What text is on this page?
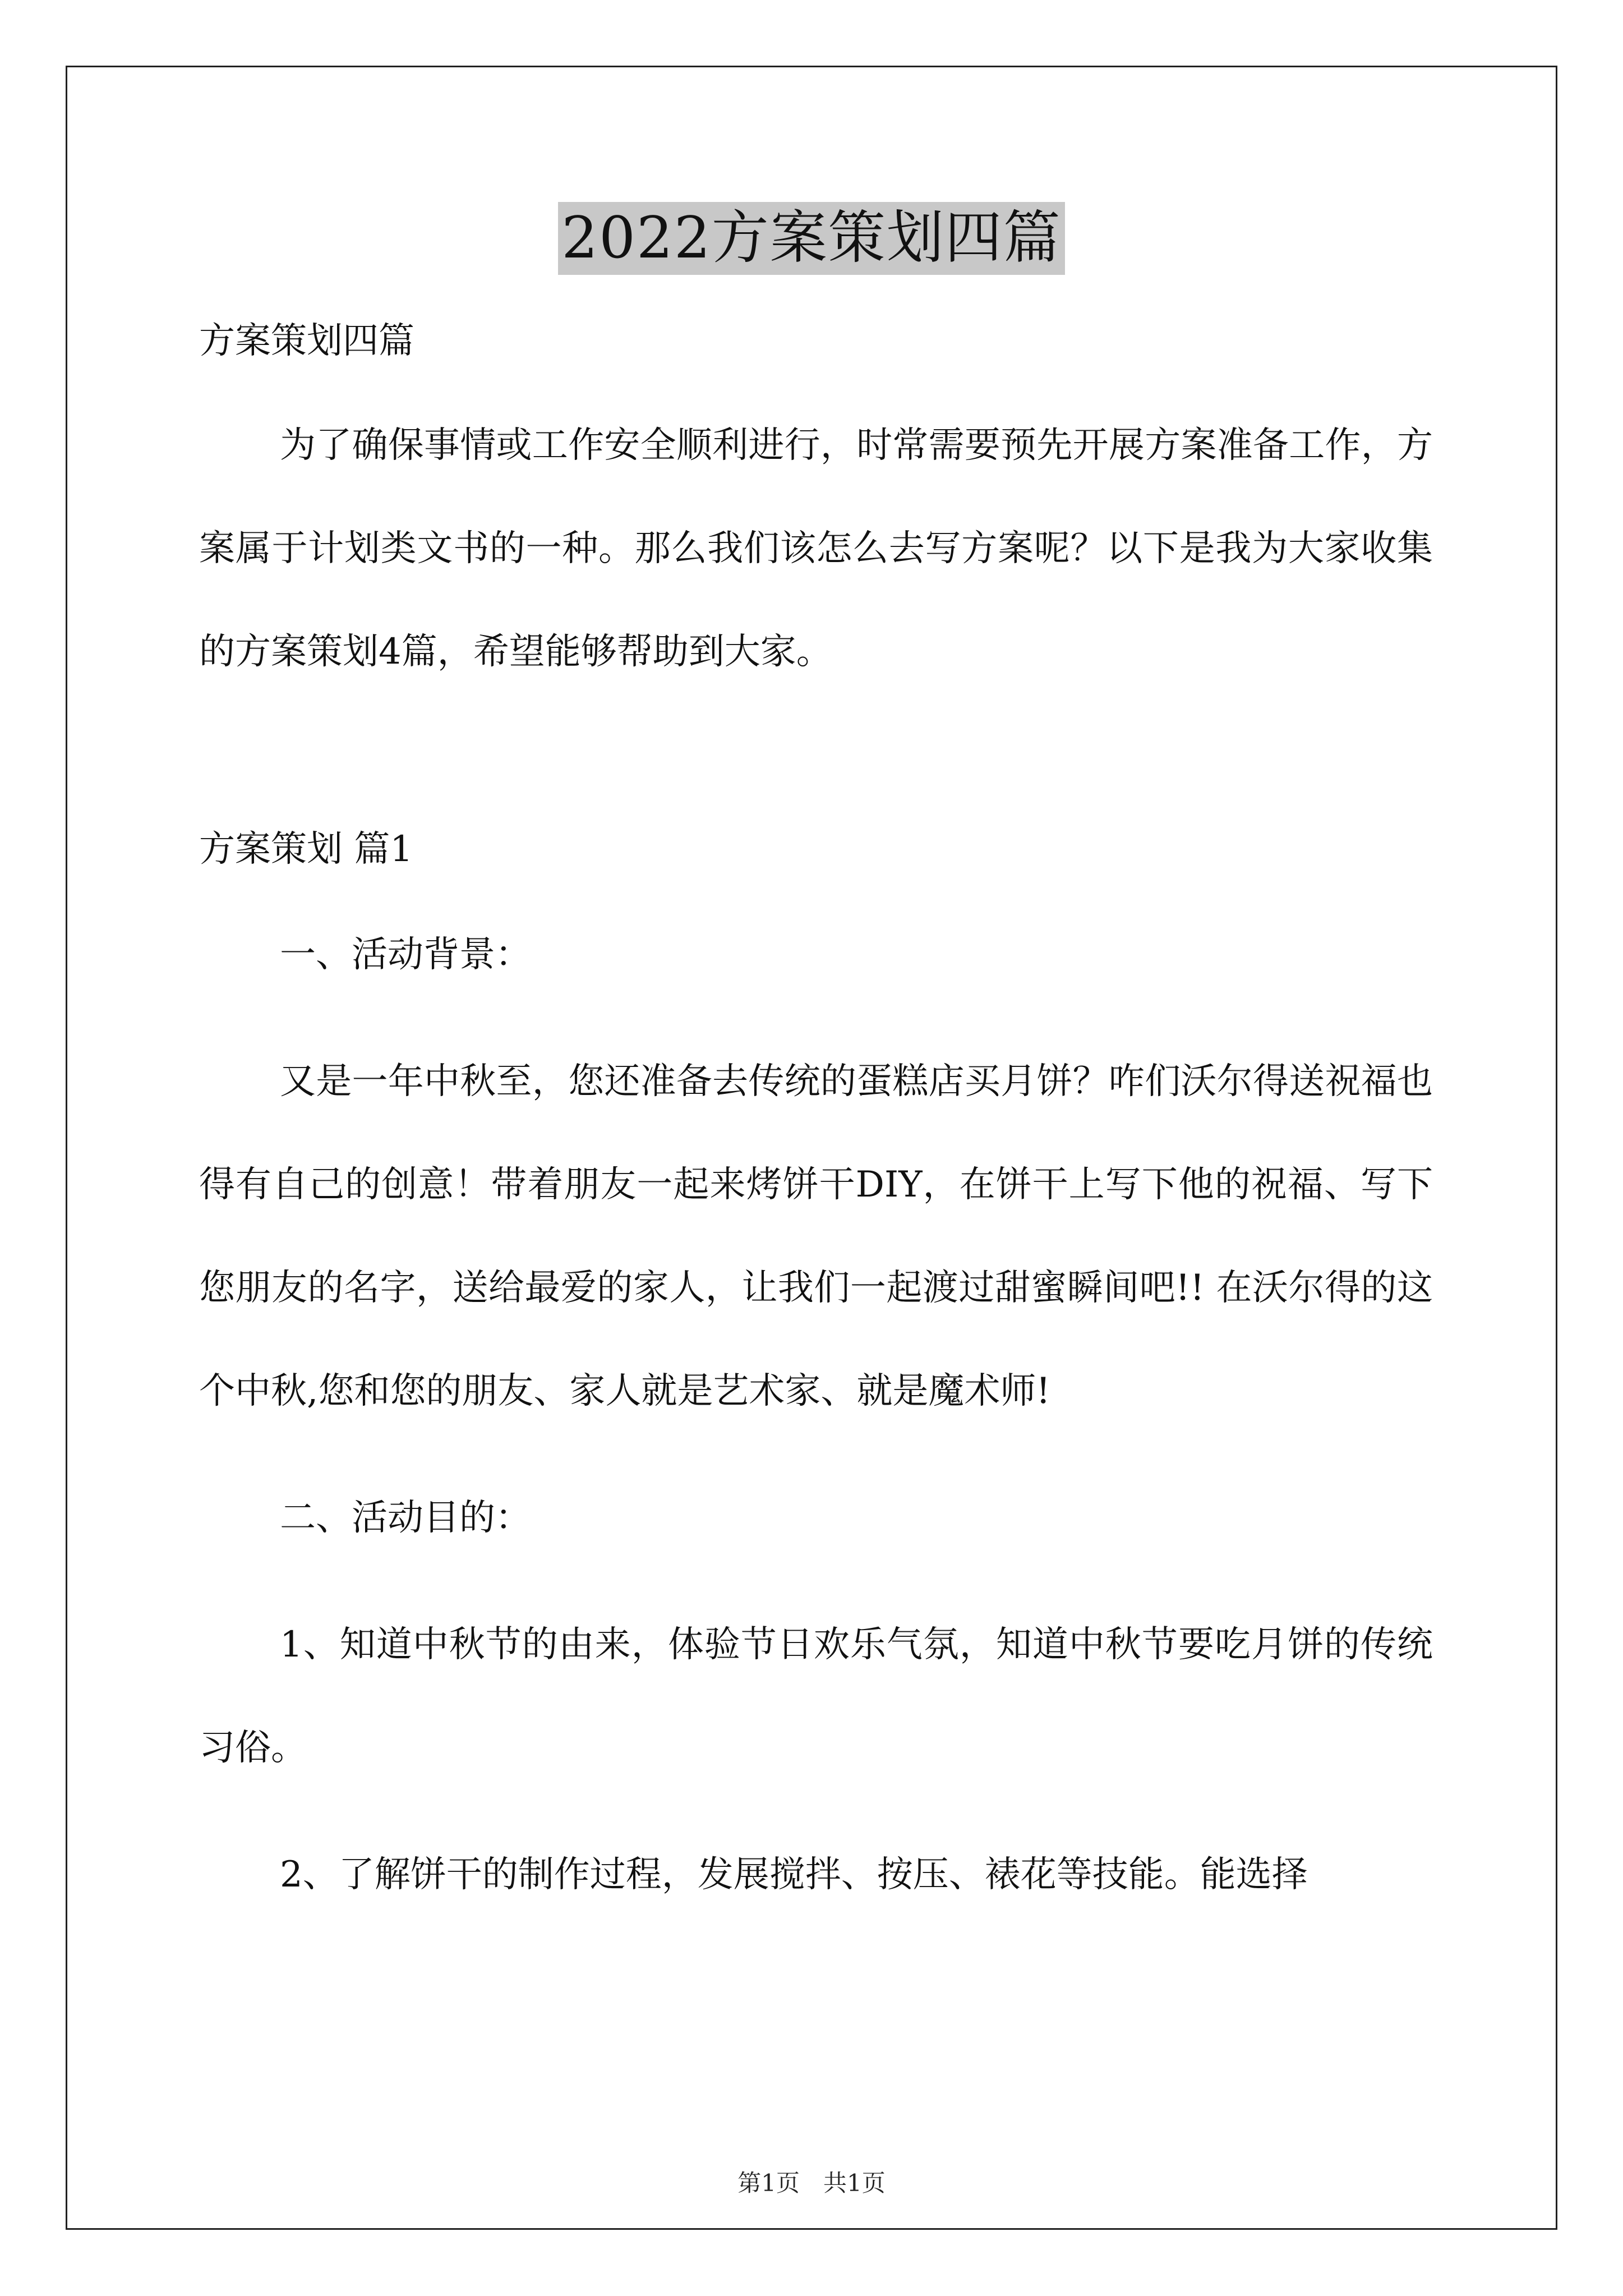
2022方案策划四篇

方案策划四篇

为了确保事情或工作安全顺利进行，时常需要预先开展方案准备工作，方案属于计划类文书的一种。那么我们该怎么去写方案呢？以下是我为大家收集的方案策划4篇，希望能够帮助到大家。

方案策划 篇1

一、活动背景：

又是一年中秋至，您还准备去传统的蛋糕店买月饼？咋们沃尔得送祝福也得有自己的创意！带着朋友一起来烤饼干DIY，在饼干上写下他的祝福、写下您朋友的名字，送给最爱的家人，让我们一起渡过甜蜜瞬间吧!! 在沃尔得的这个中秋,您和您的朋友、家人就是艺术家、就是魔术师!

二、活动目的：

1、知道中秋节的由来，体验节日欢乐气氛，知道中秋节要吃月饼的传统习俗。

2、了解饼干的制作过程，发展搅拌、按压、裱花等技能。能选择

第1页　共1页
